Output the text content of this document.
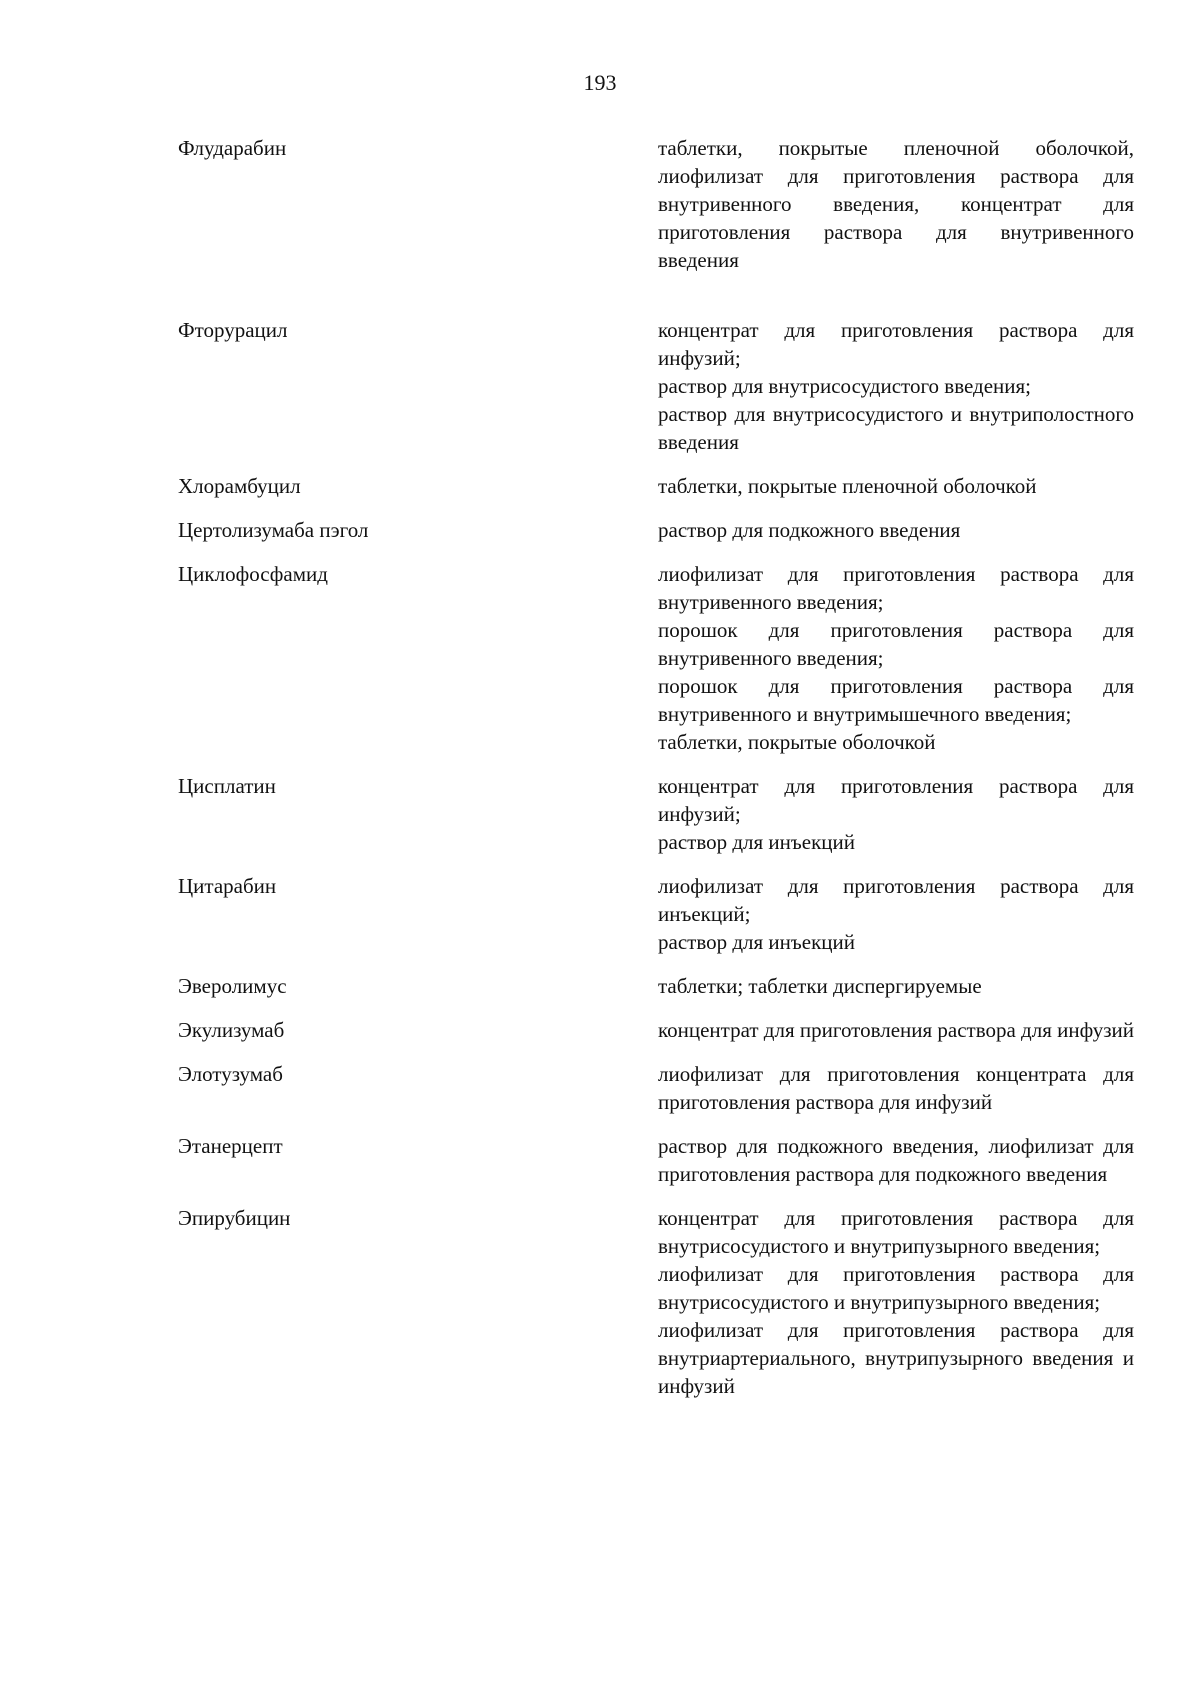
193
Флударабин	таблетки, покрытые пленочной оболочкой, лиофилизат для приготовления раствора для внутривенного введения, концентрат для приготовления раствора для внутривенного введения
Фторурацил	концентрат для приготовления раствора для инфузий;
раствор для внутрисосудистого введения;
раствор для внутрисосудистого и внутриполостного введения
Хлорамбуцил	таблетки, покрытые пленочной оболочкой
Цертолизумаба пэгол	раствор для подкожного введения
Циклофосфамид	лиофилизат для приготовления раствора для внутривенного введения;
порошок для приготовления раствора для внутривенного введения;
порошок для приготовления раствора для внутривенного и внутримышечного введения;
таблетки, покрытые оболочкой
Цисплатин	концентрат для приготовления раствора для инфузий;
раствор для инъекций
Цитарабин	лиофилизат для приготовления раствора для инъекций;
раствор для инъекций
Эверолимус	таблетки; таблетки диспергируемые
Экулизумаб	концентрат для приготовления раствора для инфузий
Элотузумаб	лиофилизат для приготовления концентрата для приготовления раствора для инфузий
Этанерцепт	раствор для подкожного введения, лиофилизат для приготовления раствора для подкожного введения
Эпирубицин	концентрат для приготовления раствора для внутрисосудистого и внутрипузырного введения;
лиофилизат для приготовления раствора для внутрисосудистого и внутрипузырного введения;
лиофилизат для приготовления раствора для внутриартериального, внутрипузырного введения и инфузий
